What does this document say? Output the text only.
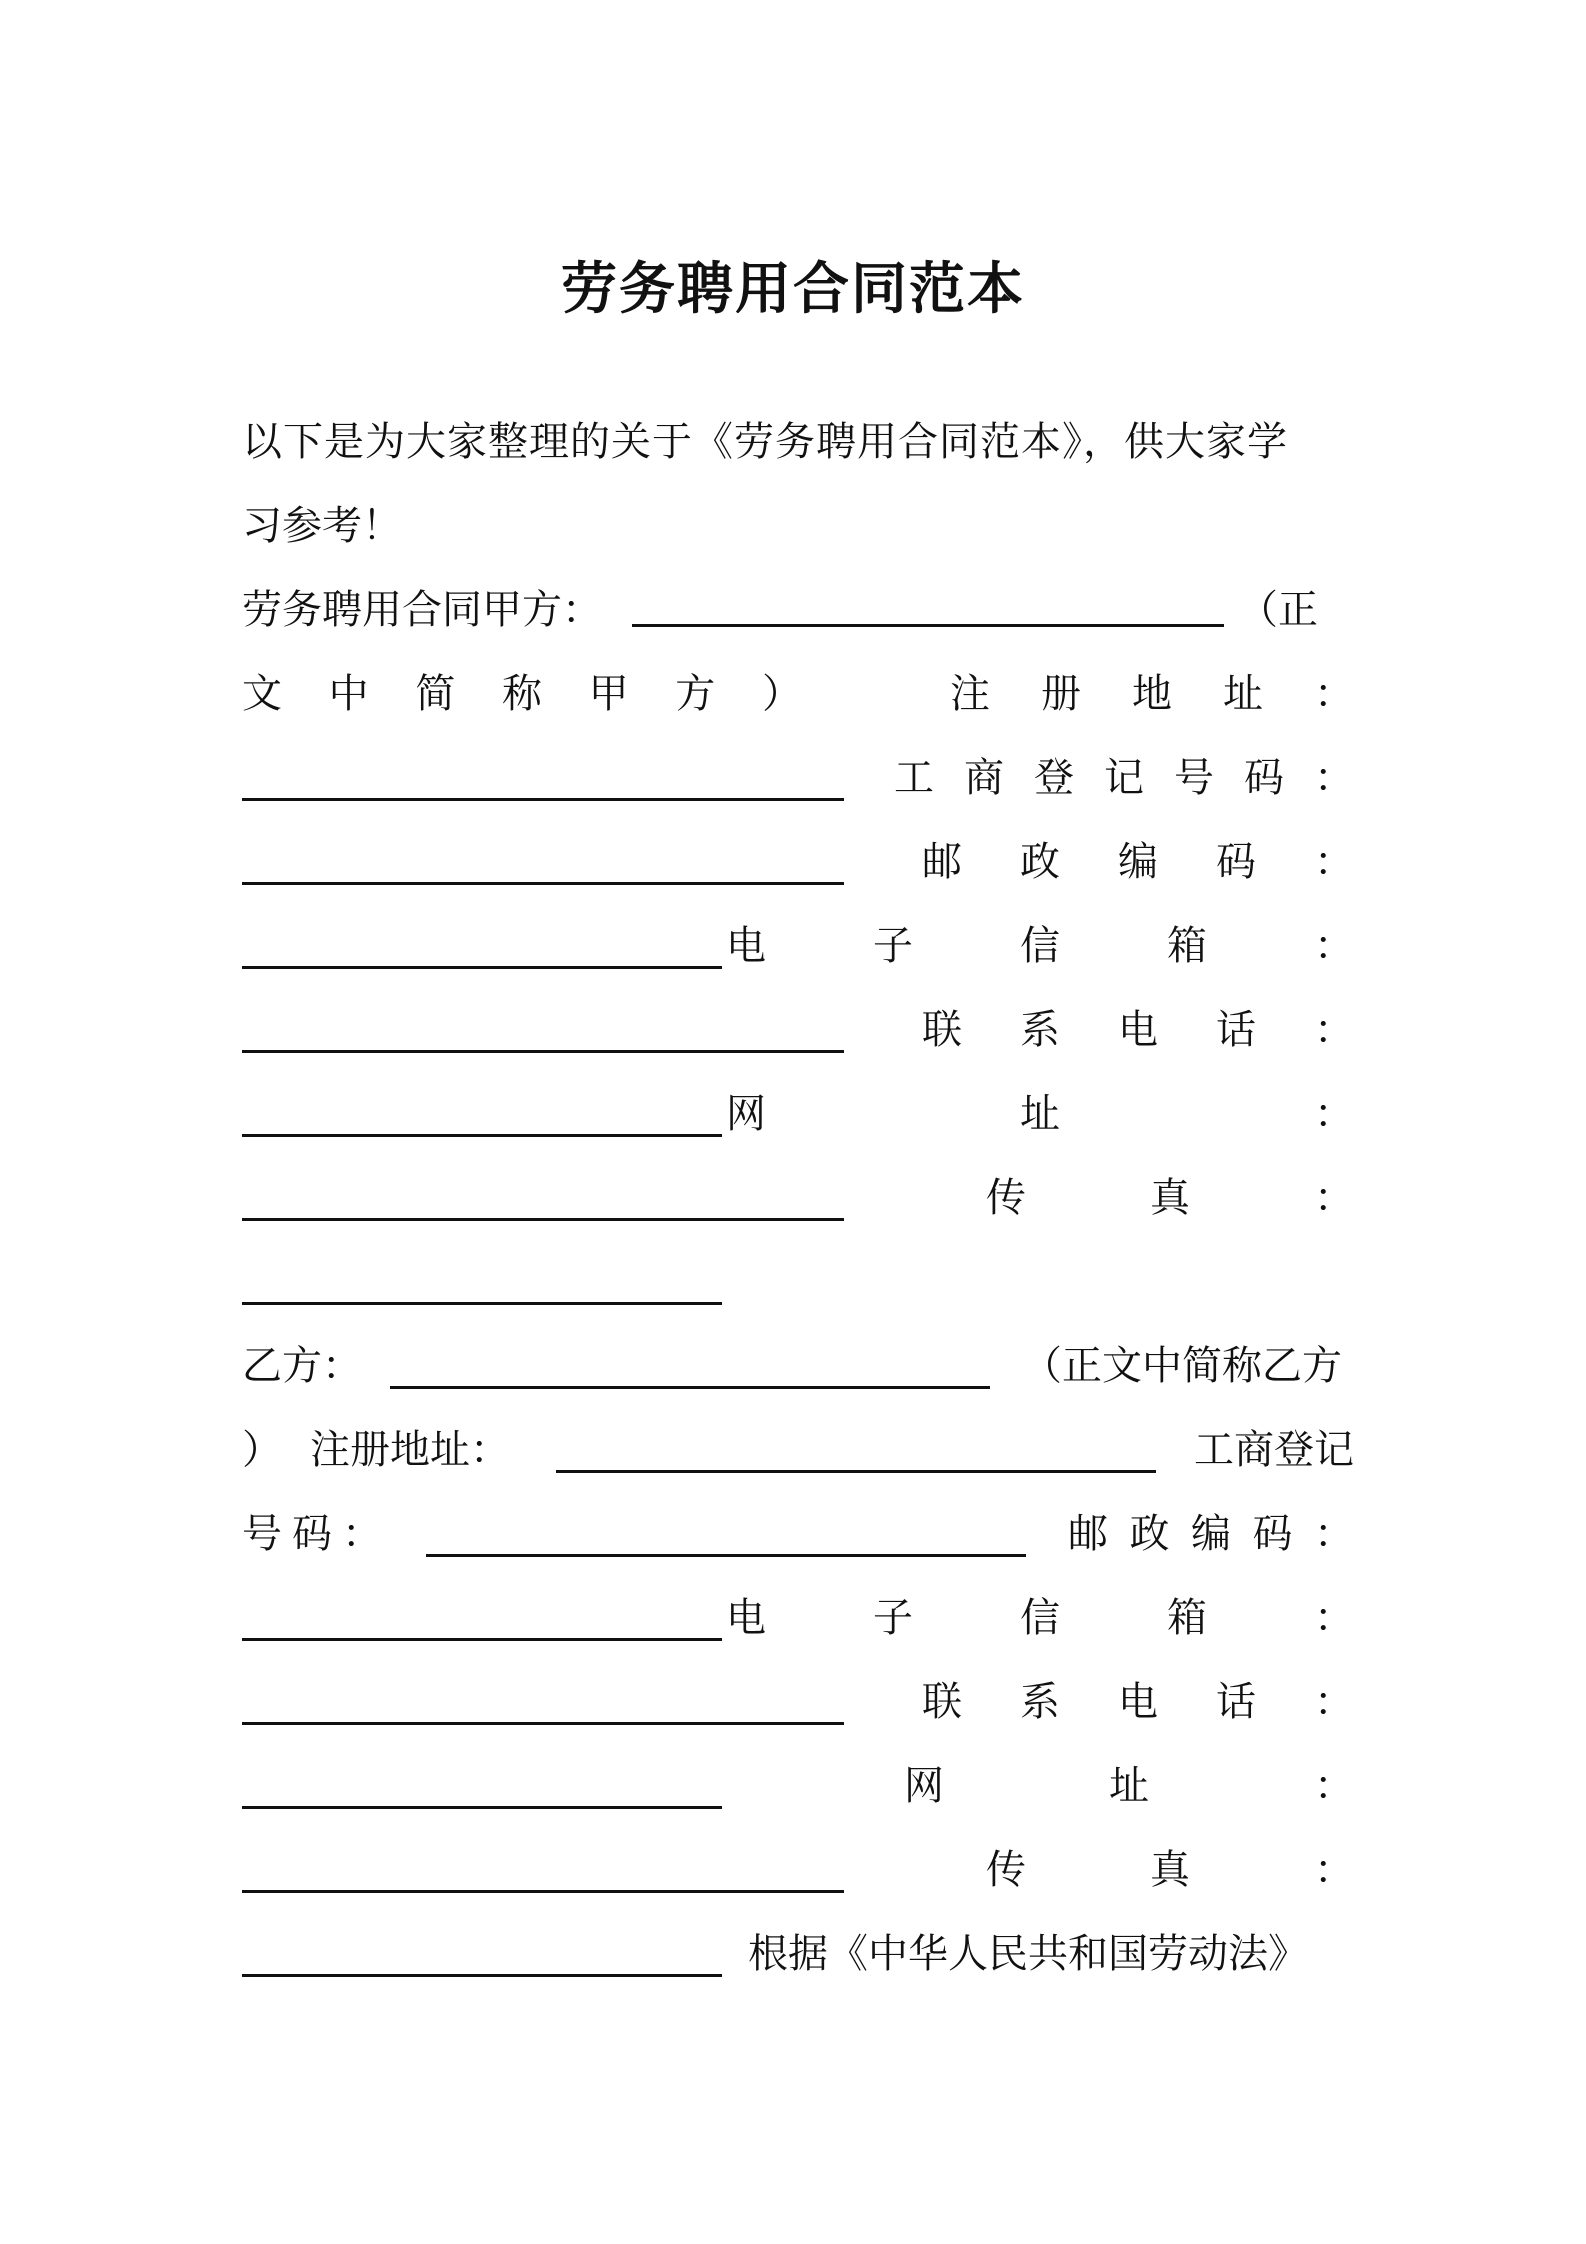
劳务聘用合同范本
以下是为大家整理的关于《劳务聘用合同范本》，供大家学
习参考！
劳务聘用合同甲方：	（正
文 中 简 称 甲 方 ）	注 册 地 址 ：
工 商 登 记 号 码 ：
邮 政 编 码 ：
电	子	信	箱	：
联 系 电 话 ：
网	址	：
传	真	：
乙方：	（正文中简称乙方
） 注册地址：	工商登记
号 码 ：	邮 政 编 码 ：
电	子	信	箱	：
联 系 电 话 ：
网	址	：
传	真	：
根据《中华人民共和国劳动法》
